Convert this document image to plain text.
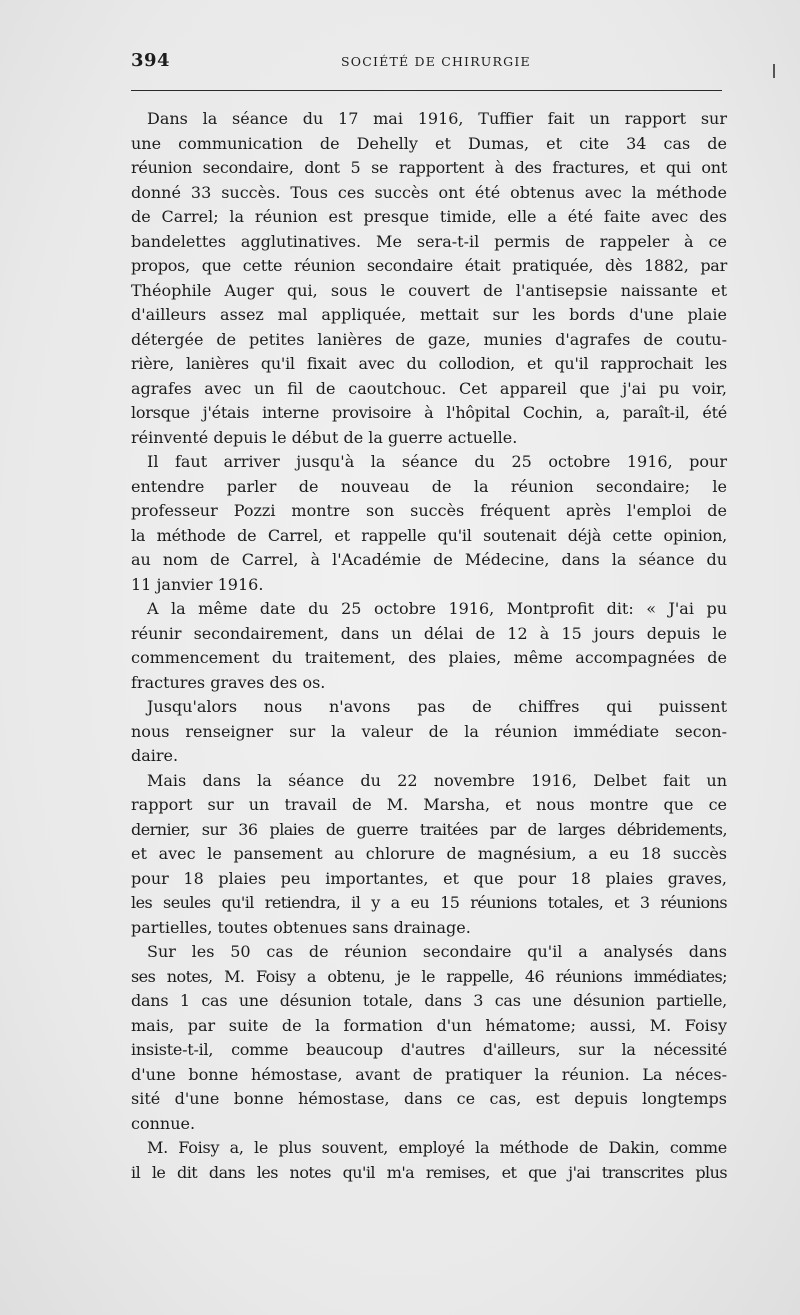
394	SOCIÉTÉ DE CHIRURGIE
Dans la séance du 17 mai 1916, Tuffier fait un rapport sur
une communication de Dehelly et Dumas, et cite 34 cas de
réunion secondaire, dont 5 se rapportent à des fractures, et qui ont
donné 33 succès. Tous ces succès ont été obtenus avec la méthode
de Carrel; la réunion est presque timide, elle a été faite avec des
bandelettes agglutinatives. Me sera-t-il permis de rappeler à ce
propos, que cette réunion secondaire était pratiquée, dès 1882, par
Théophile Auger qui, sous le couvert de l'antisepsie naissante et
d'ailleurs assez mal appliquée, mettait sur les bords d'une plaie
détergée de petites lanières de gaze, munies d'agrafes de coutu-
rière, lanières qu'il fixait avec du collodion, et qu'il rapprochait les
agrafes avec un fil de caoutchouc. Cet appareil que j'ai pu voir,
lorsque j'étais interne provisoire à l'hôpital Cochin, a, paraît-il, été
réinventé depuis le début de la guerre actuelle.
Il faut arriver jusqu'à la séance du 25 octobre 1916, pour
entendre parler de nouveau de la réunion secondaire; le
professeur Pozzi montre son succès fréquent après l'emploi de
la méthode de Carrel, et rappelle qu'il soutenait déjà cette opinion,
au nom de Carrel, à l'Académie de Médecine, dans la séance du
11 janvier 1916.
A la même date du 25 octobre 1916, Montprofit dit: « J'ai pu
réunir secondairement, dans un délai de 12 à 15 jours depuis le
commencement du traitement, des plaies, même accompagnées de
fractures graves des os.
Jusqu'alors nous n'avons pas de chiffres qui puissent
nous renseigner sur la valeur de la réunion immédiate secon-
daire.
Mais dans la séance du 22 novembre 1916, Delbet fait un
rapport sur un travail de M. Marsha, et nous montre que ce
dernier, sur 36 plaies de guerre traitées par de larges débridements,
et avec le pansement au chlorure de magnésium, a eu 18 succès
pour 18 plaies peu importantes, et que pour 18 plaies graves,
les seules qu'il retiendra, il y a eu 15 réunions totales, et 3 réunions
partielles, toutes obtenues sans drainage.
Sur les 50 cas de réunion secondaire qu'il a analysés dans
ses notes, M. Foisy a obtenu, je le rappelle, 46 réunions immédiates;
dans 1 cas une désunion totale, dans 3 cas une désunion partielle,
mais, par suite de la formation d'un hématome; aussi, M. Foisy
insiste-t-il, comme beaucoup d'autres d'ailleurs, sur la nécessité
d'une bonne hémostase, avant de pratiquer la réunion. La néces-
sité d'une bonne hémostase, dans ce cas, est depuis longtemps
connue.
M. Foisy a, le plus souvent, employé la méthode de Dakin, comme
il le dit dans les notes qu'il m'a remises, et que j'ai transcrites plus
